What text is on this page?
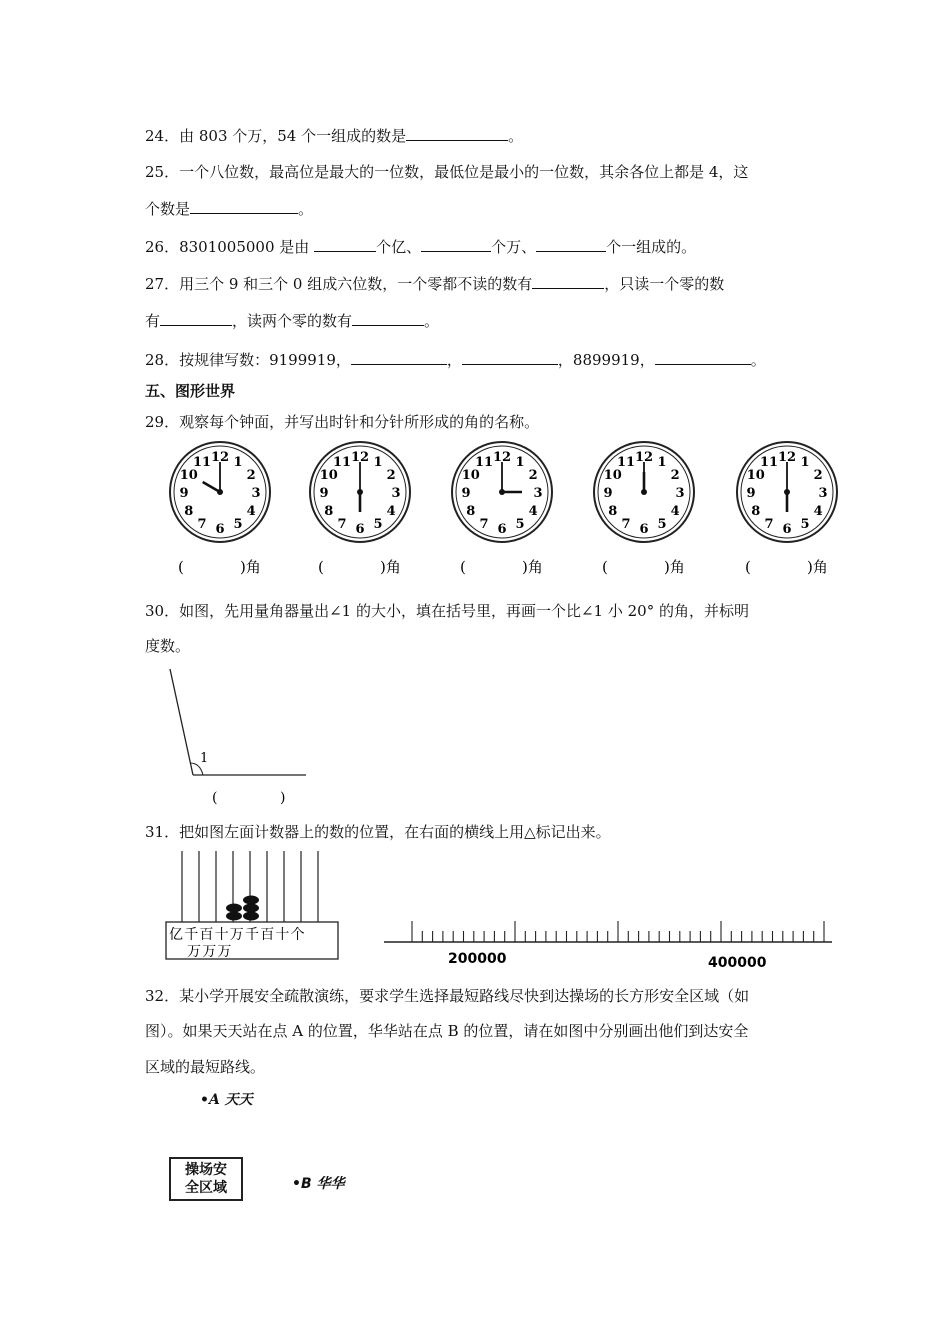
24．由 803 个万，54 个一组成的数是	。
25．一个八位数，最高位是最大的一位数，最低位是最小的一位数，其余各位上都是 4，这
个数是	。
26．8301005000 是由	个亿、	个万、	个一组成的。
27．用三个 9 和三个 0 组成六位数，一个零都不读的数有	，只读一个零的数
有	，读两个零的数有	。
28．按规律写数：9199919，	，	，8899919，	。
五、图形世界
29．观察每个钟面，并写出时针和分针所形成的角的名称。
12 1
2
3
4
5
6
7
8
9
10
11
(	)角
12 1
2
3
4
5
6
7
8
9
10
11
(	)角
12 1
2
3
4
5
6
7
8
9
10
11
(	)角
12 1
2
3
4
5
6
7
8
9
10
11
(	)角
12 1
2
3
4
5
6
7
8
9
10
11
(	)角
30．如图，先用量角器量出∠1 的大小，填在括号里，再画一个比∠1 小 20° 的角，并标明
度数。
1
(	)
31．把如图左面计数器上的数的位置，在右面的横线上用△标记出来。
亿千百十万千百十个
万万万	200000	400000
32．某小学开展安全疏散演练，要求学生选择最短路线尽快到达操场的长方形安全区域（如
图）。如果天天站在点 A 的位置，华华站在点 B 的位置，请在如图中分别画出他们到达安全
区域的最短路线。
•A 天天
操场安
全区域	•B 华华
